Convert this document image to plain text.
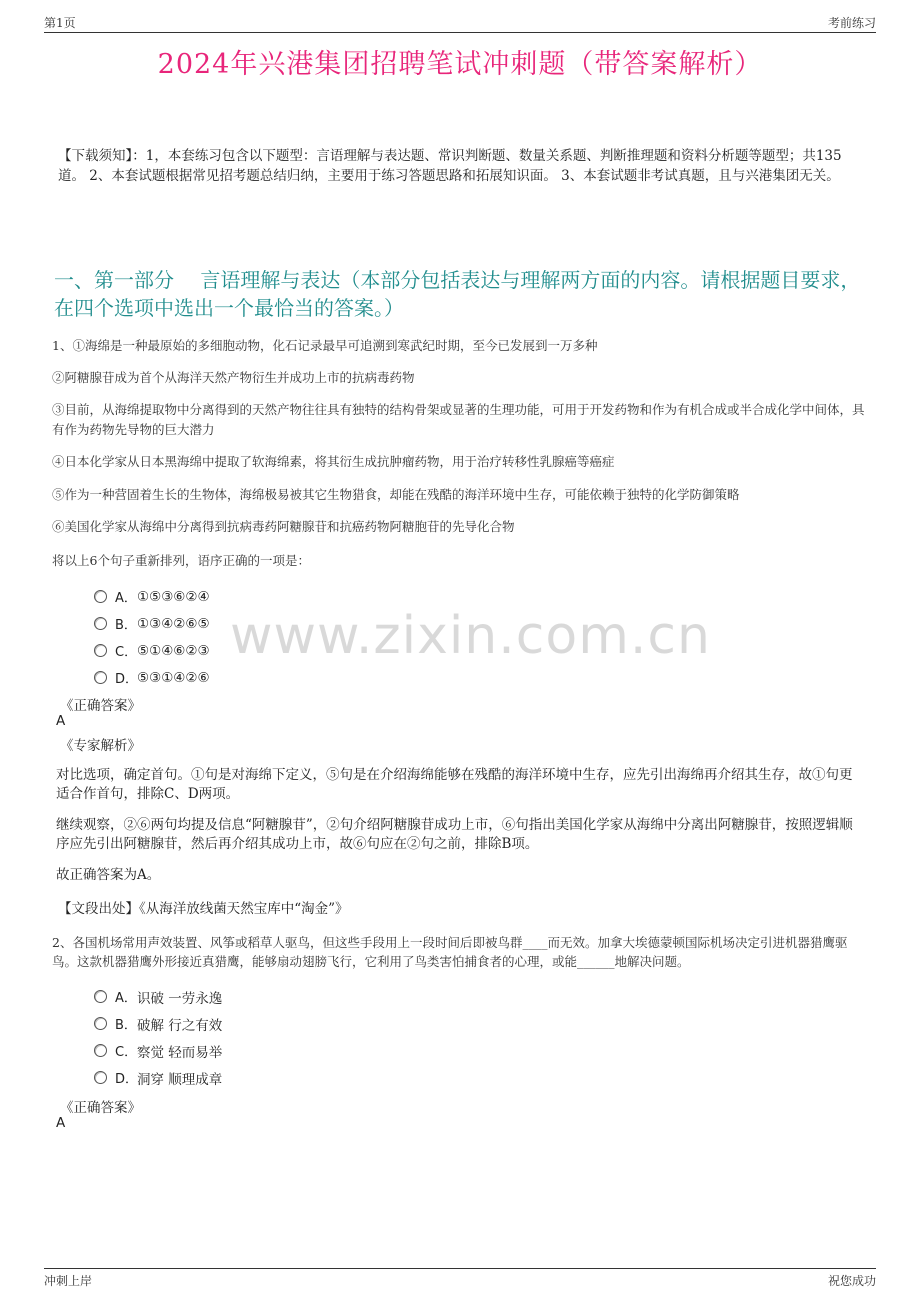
第1页	考前练习
2024年兴港集团招聘笔试冲刺题（带答案解析）
【下载须知】：1，本套练习包含以下题型：言语理解与表达题、常识判断题、数量关系题、判断推理题和资料分析题等题型；共135道。 2、本套试题根据常见招考题总结归纳，主要用于练习答题思路和拓展知识面。 3、本套试题非考试真题，且与兴港集团无关。
一、第一部分　 言语理解与表达（本部分包括表达与理解两方面的内容。请根据题目要求，在四个选项中选出一个最恰当的答案。）
1、①海绵是一种最原始的多细胞动物，化石记录最早可追溯到寒武纪时期，至今已发展到一万多种
②阿糖腺苷成为首个从海洋天然产物衍生并成功上市的抗病毒药物
③目前，从海绵提取物中分离得到的天然产物往往具有独特的结构骨架或显著的生理功能，可用于开发药物和作为有机合成或半合成化学中间体，具有作为药物先导物的巨大潜力
④日本化学家从日本黑海绵中提取了软海绵素，将其衍生成抗肿瘤药物，用于治疗转移性乳腺癌等癌症
⑤作为一种营固着生长的生物体，海绵极易被其它生物猎食，却能在残酷的海洋环境中生存，可能依赖于独特的化学防御策略
⑥美国化学家从海绵中分离得到抗病毒药阿糖腺苷和抗癌药物阿糖胞苷的先导化合物
将以上6个句子重新排列，语序正确的一项是：
A． ①⑤③⑥②④
B． ①③④②⑥⑤
C． ⑤①④⑥②③
D．
⑤③①④②⑥
www.zixin.com.cn
《正确答案》
A
《专家解析》
对比选项，确定首句。①句是对海绵下定义，⑤句是在介绍海绵能够在残酷的海洋环境中生存，应先引出海绵再介绍其生存，故①句更适合作首句，排除C、D两项。
继续观察，②⑥两句均提及信息“阿糖腺苷”，②句介绍阿糖腺苷成功上市，⑥句指出美国化学家从海绵中分离出阿糖腺苷，按照逻辑顺序应先引出阿糖腺苷，然后再介绍其成功上市，故⑥句应在②句之前，排除B项。
故正确答案为A。
【文段出处】《从海洋放线菌天然宝库中“淘金”》
2、各国机场常用声效装置、风筝或稻草人驱鸟，但这些手段用上一段时间后即被鸟群____而无效。加拿大埃德蒙顿国际机场决定引进机器猎鹰驱鸟。这款机器猎鹰外形接近真猎鹰，能够扇动翅膀飞行，它利用了鸟类害怕捕食者的心理，或能______地解决问题。
A． 识破 一劳永逸
B． 破解 行之有效
C． 察觉 轻而易举
D．
洞穿 顺理成章
《正确答案》
A
冲刺上岸	祝您成功
